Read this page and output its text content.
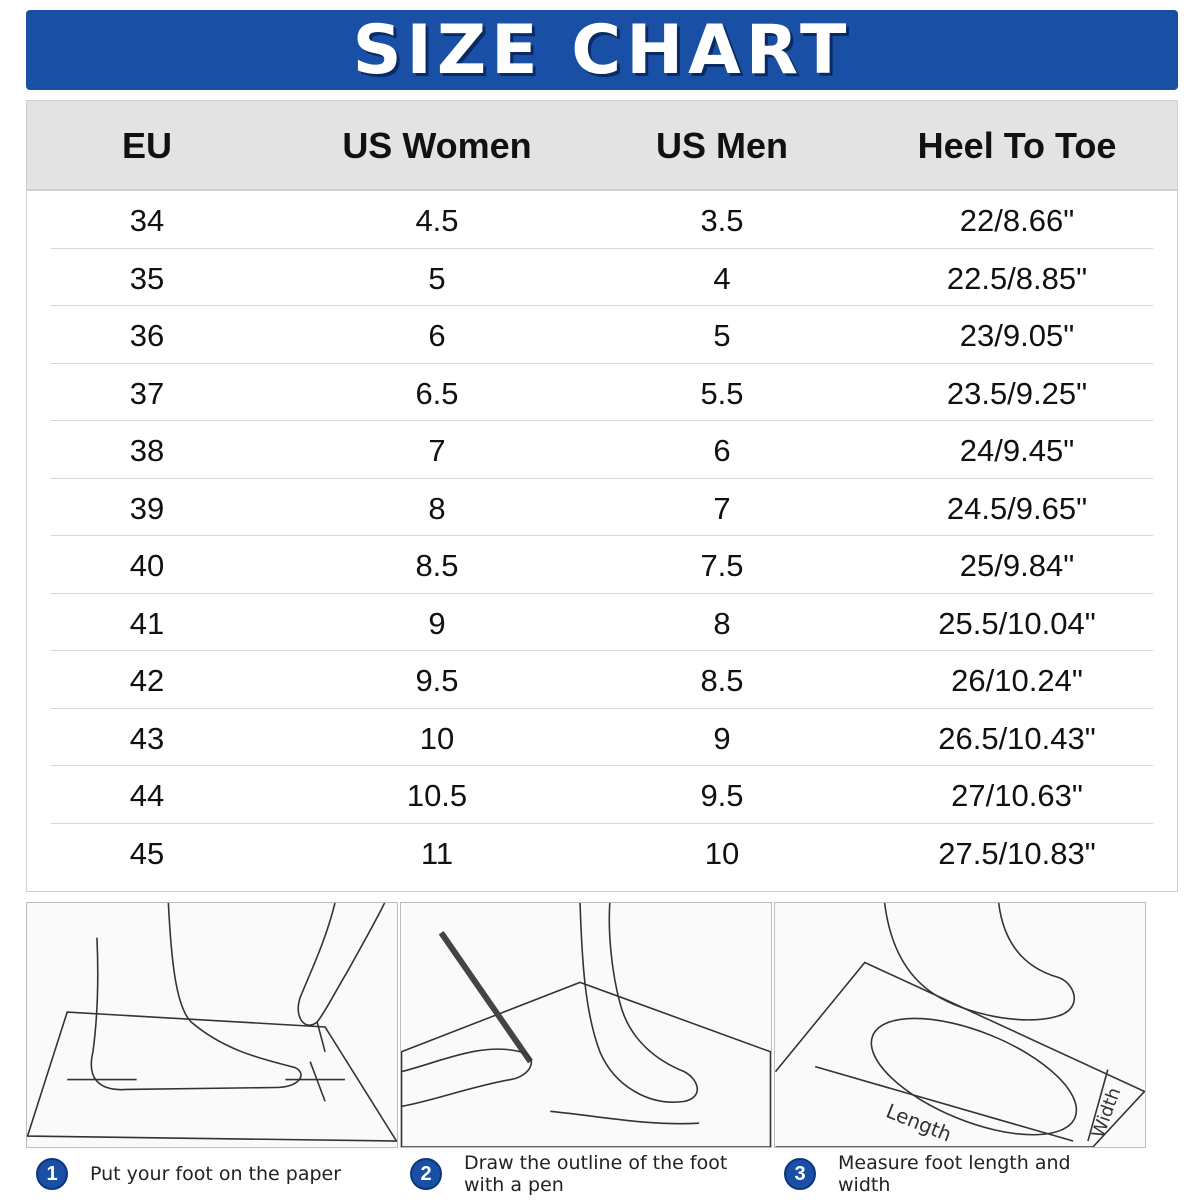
SIZE CHART
EU	US Women	US Men	Heel To Toe
34	4.5	3.5	22/8.66"
35	5	4	22.5/8.85"
36	6	5	23/9.05"
37	6.5	5.5	23.5/9.25"
38	7	6	24/9.45"
39	8	7	24.5/9.65"
40	8.5	7.5	25/9.84"
41	9	8	25.5/10.04"
42	9.5	8.5	26/10.24"
43	10	9	26.5/10.43"
44	10.5	9.5	27/10.63"
45	11	10	27.5/10.83"
Length	Width
1	Put your foot on the paper	2	Draw the outline of the foot with a pen
3	Measure foot length and width
